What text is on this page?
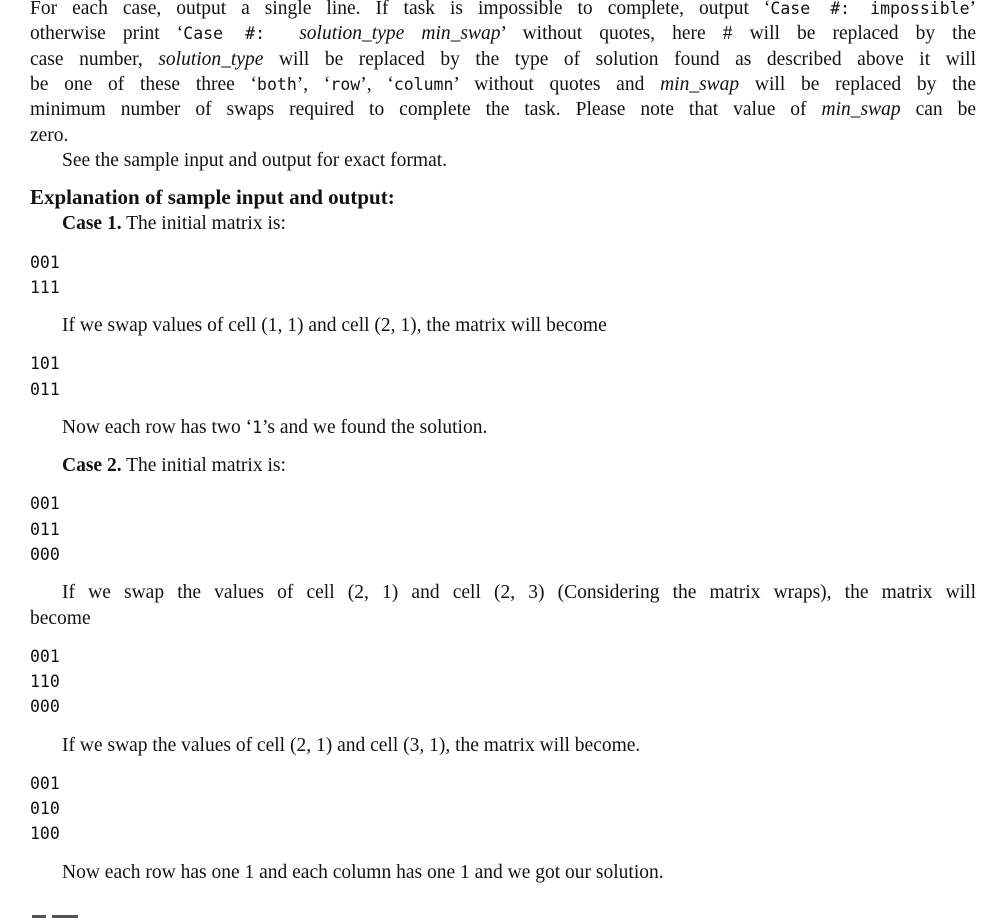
For each case, output a single line. If task is impossible to complete, output ‘Case #: impossible’
otherwise print ‘Case #: solution_type min_swap’ without quotes, here # will be replaced by the
case number, solution_type will be replaced by the type of solution found as described above it will
be one of these three ‘both’, ‘row’, ‘column’ without quotes and min_swap will be replaced by the
minimum number of swaps required to complete the task. Please note that value of min_swap can be
zero.
See the sample input and output for exact format.
Explanation of sample input and output:
Case 1. The initial matrix is:
001
111
If we swap values of cell (1, 1) and cell (2, 1), the matrix will become
101
011
Now each row has two ‘1’s and we found the solution.
Case 2. The initial matrix is:
001
011
000
If we swap the values of cell (2, 1) and cell (2, 3) (Considering the matrix wraps), the matrix will
become
001
110
000
If we swap the values of cell (2, 1) and cell (3, 1), the matrix will become.
001
010
100
Now each row has one 1 and each column has one 1 and we got our solution.
